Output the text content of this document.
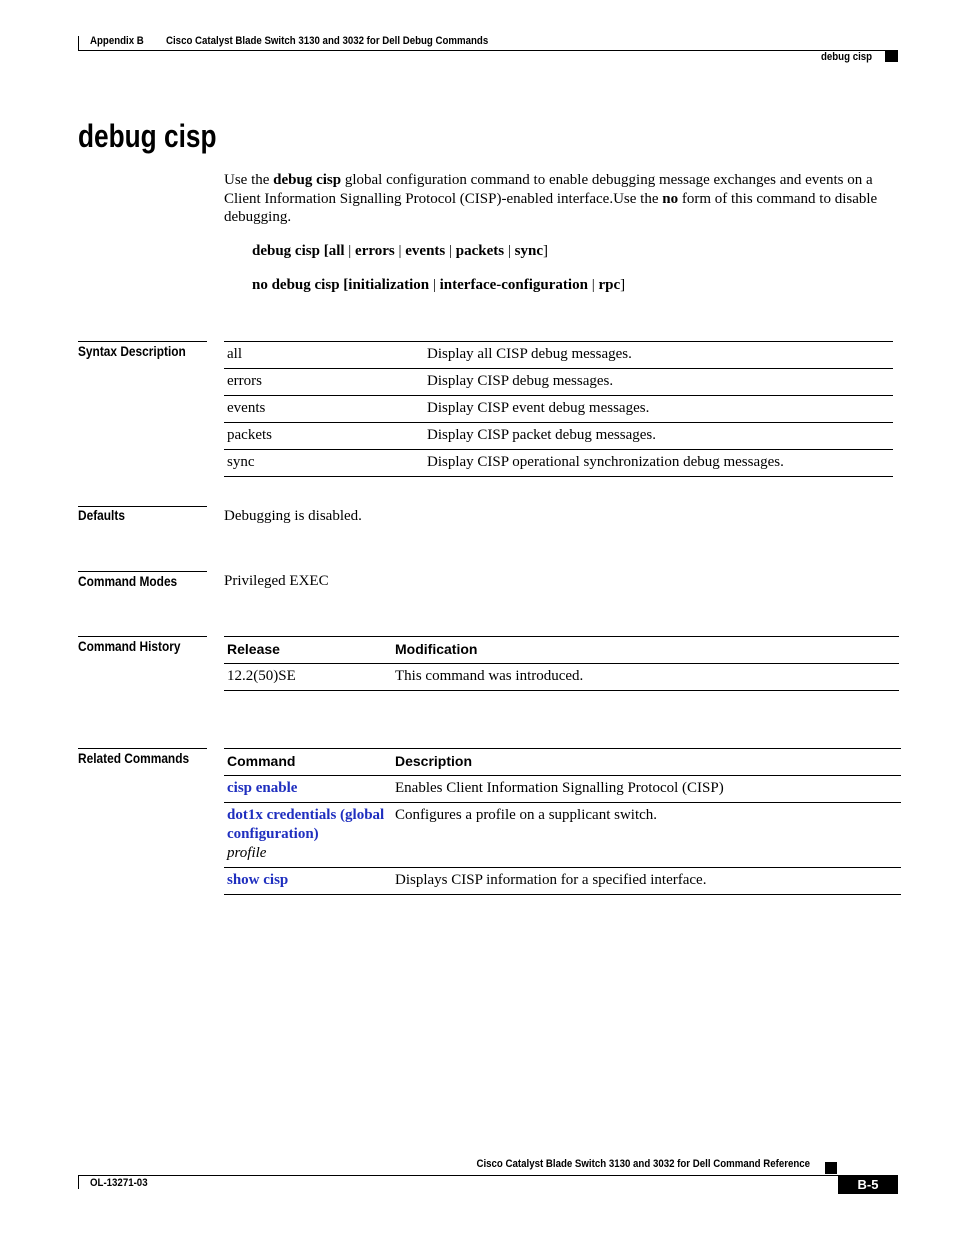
Appendix B Cisco Catalyst Blade Switch 3130 and 3032 for Dell Debug Commands
debug cisp
debug cisp
Use the debug cisp global configuration command to enable debugging message exchanges and events on a Client Information Signalling Protocol (CISP)-enabled interface.Use the no form of this command to disable debugging.
debug cisp [all | errors | events | packets | sync]
no debug cisp [initialization | interface-configuration | rpc]
Syntax Description	all	Display all CISP debug messages.
errors	Display CISP debug messages.
events	Display CISP event debug messages.
packets	Display CISP packet debug messages.
sync	Display CISP operational synchronization debug messages.
Defaults	Debugging is disabled.
Command Modes	Privileged EXEC
Command History	Release	Modification
12.2(50)SE	This command was introduced.
Related Commands	Command	Description
cisp enable	Enables Client Information Signalling Protocol (CISP)
dot1x credentials (global configuration)
profile	Configures a profile on a supplicant switch.
show cisp	Displays CISP information for a specified interface.
Cisco Catalyst Blade Switch 3130 and 3032 for Dell Command Reference
OL-13271-03	B-5
